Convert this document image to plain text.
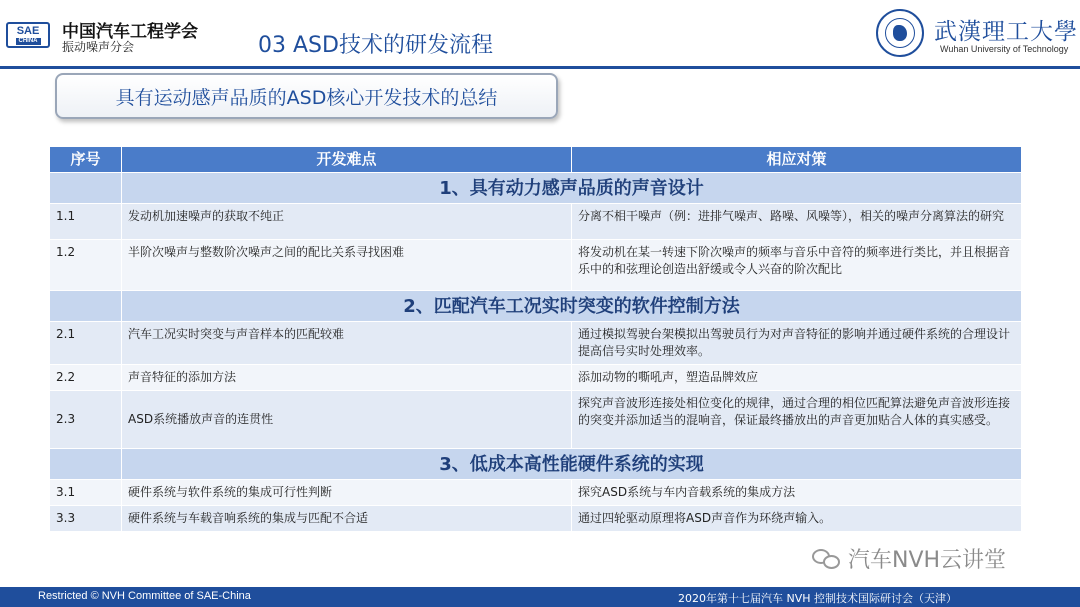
SAE
CHINA 中国汽车工程学会
振动噪声分会	03 ASD技术的研发流程
武漢理工大學
Wuhan University of Technology
具有运动感声品质的ASD核心开发技术的总结
序号	开发难点	相应对策
	1、具有动力感声品质的声音设计	
1.1	发动机加速噪声的获取不纯正	分离不相干噪声（例：进排气噪声、路噪、风噪等），相关的噪声分离算法的研究
1.2	半阶次噪声与整数阶次噪声之间的配比关系寻找困难	将发动机在某一转速下阶次噪声的频率与音乐中音符的频率进行类比，并且根据音乐中的和弦理论创造出舒缓或令人兴奋的阶次配比
	2、匹配汽车工况实时突变的软件控制方法	
2.1	汽车工况实时突变与声音样本的匹配较难	通过模拟驾驶台架模拟出驾驶员行为对声音特征的影响并通过硬件系统的合理设计提高信号实时处理效率。
2.2	声音特征的添加方法	添加动物的嘶吼声，塑造品牌效应
2.3	ASD系统播放声音的连贯性	探究声音波形连接处相位变化的规律，通过合理的相位匹配算法避免声音波形连接的突变并添加适当的混响音，保证最终播放出的声音更加贴合人体的真实感受。
	3、低成本高性能硬件系统的实现	
3.1	硬件系统与软件系统的集成可行性判断	探究ASD系统与车内音载系统的集成方法
3.3	硬件系统与车载音响系统的集成与匹配不合适	通过四轮驱动原理将ASD声音作为环绕声输入。
汽车NVH云讲堂
Restricted © NVH Committee of SAE-China	2020年第十七届汽车 NVH 控制技术国际研讨会（天津）
